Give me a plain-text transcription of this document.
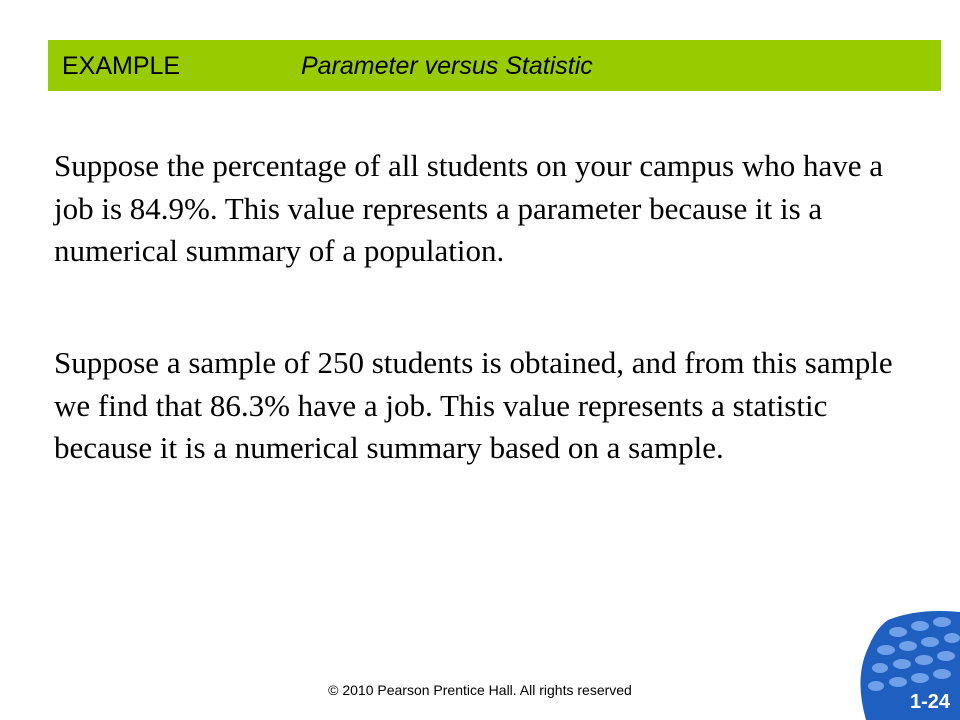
EXAMPLE	Parameter versus Statistic

Suppose the percentage of all students on your campus who have a job is 84.9%. This value represents a parameter because it is a numerical summary of a population.

Suppose a sample of 250 students is obtained, and from this sample we find that 86.3% have a job. This value represents a statistic because it is a numerical summary based on a sample.

© 2010 Pearson Prentice Hall. All rights reserved
1-24
